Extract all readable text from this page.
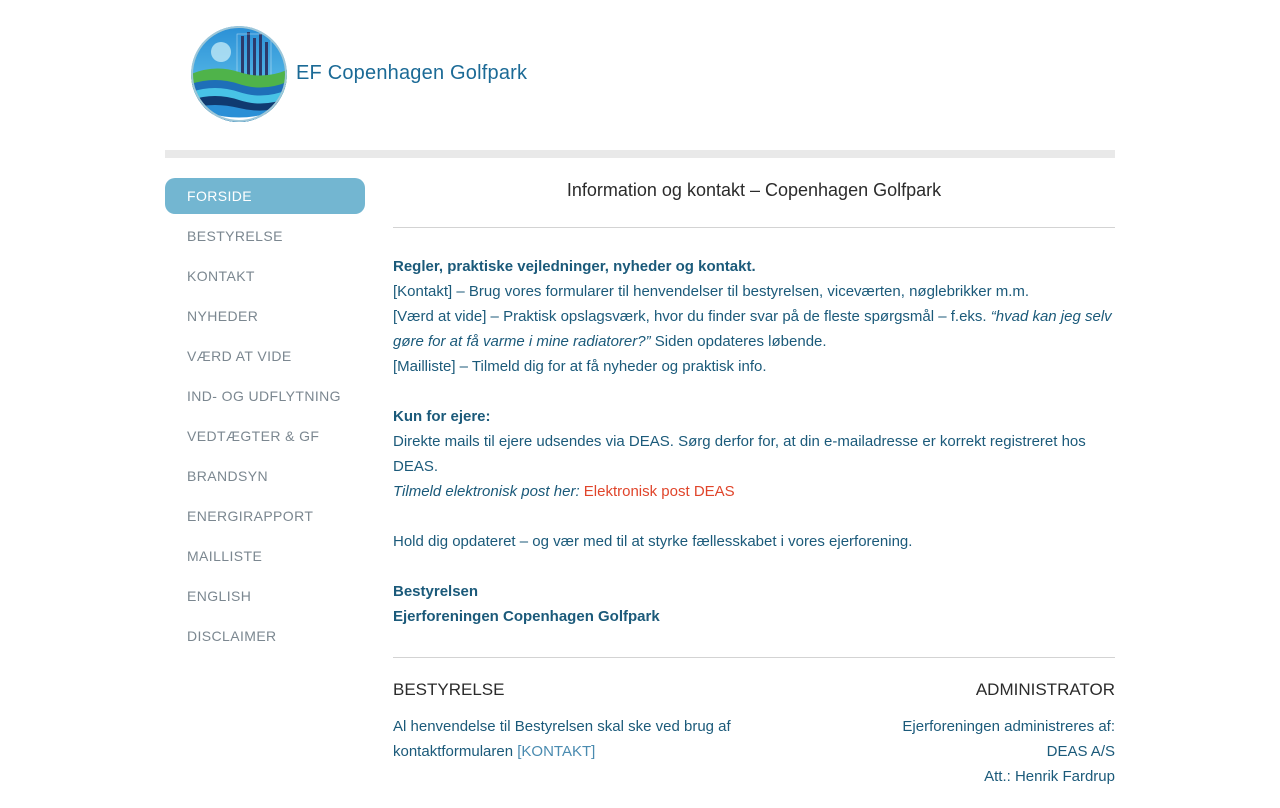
EF Copenhagen Golfpark
FORSIDE
BESTYRELSE
KONTAKT
NYHEDER
VÆRD AT VIDE
IND- OG UDFLYTNING
VEDTÆGTER & GF
BRANDSYN
ENERGIRAPPORT
MAILLISTE
ENGLISH
DISCLAIMER
Information og kontakt – Copenhagen Golfpark

Regler, praktiske vejledninger, nyheder og kontakt.

[Kontakt] – Brug vores formularer til henvendelser til bestyrelsen, viceværten, nøglebrikker m.m.

[Værd at vide] – Praktisk opslagsværk, hvor du finder svar på de fleste spørgsmål – f.eks. “hvad kan jeg selv gøre for at få varme i mine radiatorer?” Siden opdateres løbende.

[Mailliste] – Tilmeld dig for at få nyheder og praktisk info.

Kun for ejere:

Direkte mails til ejere udsendes via DEAS. Sørg derfor for, at din e-mailadresse er korrekt registreret hos DEAS.

Tilmeld elektronisk post her: Elektronisk post DEAS

Hold dig opdateret – og vær med til at styrke fællesskabet i vores ejerforening.

Bestyrelsen

Ejerforeningen Copenhagen Golfpark

BESTYRELSE
Al henvendelse til Bestyrelsen skal ske ved brug af kontaktformularen [KONTAKT]
ADMINISTRATOR
Ejerforeningen administreres af:
DEAS A/S
Att.: Henrik Fardrup
